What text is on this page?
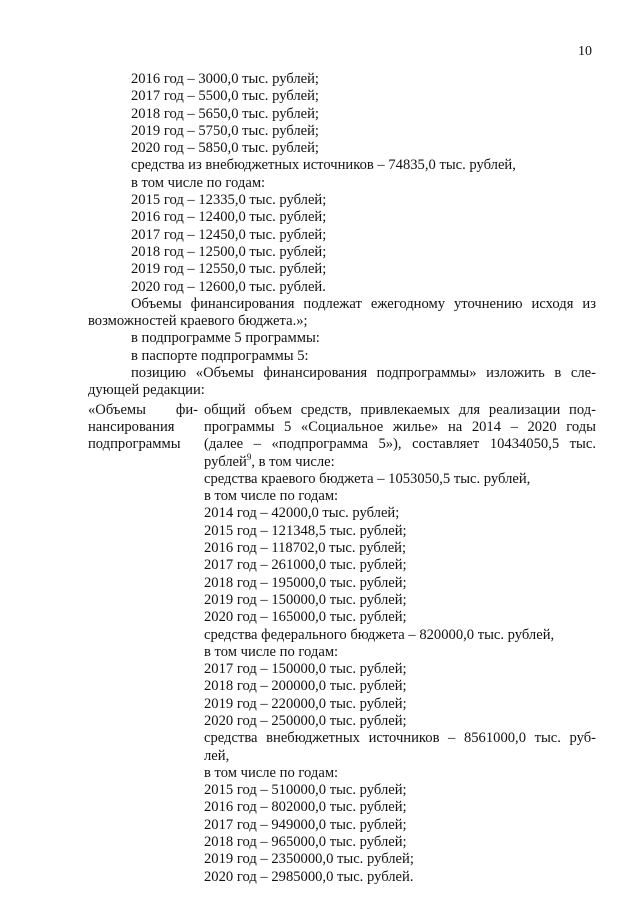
10
2016 год – 3000,0 тыс. рублей;
2017 год – 5500,0 тыс. рублей;
2018 год – 5650,0 тыс. рублей;
2019 год – 5750,0 тыс. рублей;
2020 год – 5850,0 тыс. рублей;
средства из внебюджетных источников – 74835,0 тыс. рублей,
в том числе по годам:
2015 год – 12335,0 тыс. рублей;
2016 год – 12400,0 тыс. рублей;
2017 год – 12450,0 тыс. рублей;
2018 год – 12500,0 тыс. рублей;
2019 год – 12550,0 тыс. рублей;
2020 год – 12600,0 тыс. рублей.
Объемы финансирования подлежат ежегодному уточнению исходя из
возможностей краевого бюджета.»;
в подпрограмме 5 программы:
в паспорте подпрограммы 5:
позицию «Объемы финансирования подпрограммы» изложить в сле-
дующей редакции:
«Объемы фи-
нансирования
подпрограммы
общий объем средств, привлекаемых для реализации под-
программы 5 «Социальное жилье» на 2014 – 2020 годы
(далее – «подпрограмма 5»), составляет 10434050,5 тыс.
рублей$^9$, в том числе:
средства краевого бюджета – 1053050,5 тыс. рублей,
в том числе по годам:
2014 год – 42000,0 тыс. рублей;
2015 год – 121348,5 тыс. рублей;
2016 год – 118702,0 тыс. рублей;
2017 год – 261000,0 тыс. рублей;
2018 год – 195000,0 тыс. рублей;
2019 год – 150000,0 тыс. рублей;
2020 год – 165000,0 тыс. рублей;
средства федерального бюджета – 820000,0 тыс. рублей,
в том числе по годам:
2017 год – 150000,0 тыс. рублей;
2018 год – 200000,0 тыс. рублей;
2019 год – 220000,0 тыс. рублей;
2020 год – 250000,0 тыс. рублей;
средства внебюджетных источников – 8561000,0 тыс. руб-
лей,
в том числе по годам:
2015 год – 510000,0 тыс. рублей;
2016 год – 802000,0 тыс. рублей;
2017 год – 949000,0 тыс. рублей;
2018 год – 965000,0 тыс. рублей;
2019 год – 2350000,0 тыс. рублей;
2020 год – 2985000,0 тыс. рублей.
